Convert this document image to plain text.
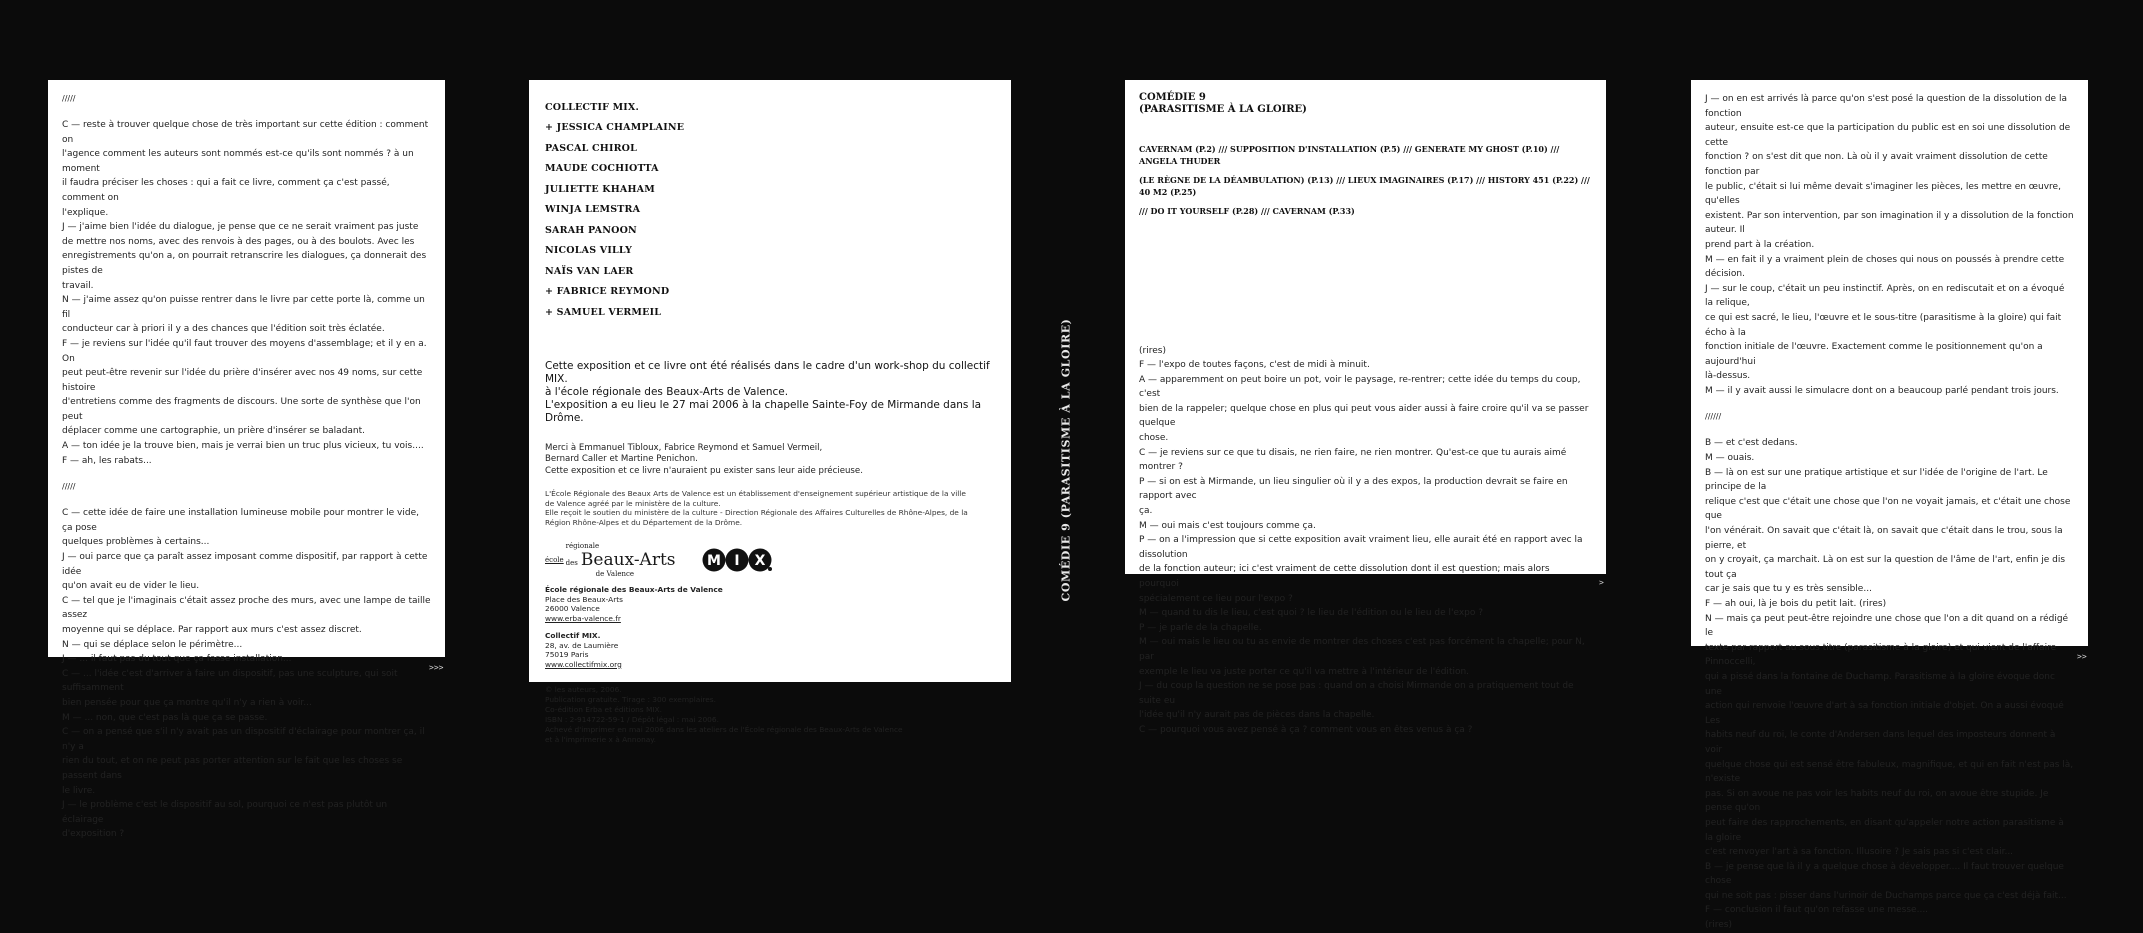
/////

C — reste à trouver quelque chose de très important sur cette édition : comment on

l'agence comment les auteurs sont nommés est-ce qu'ils sont nommés ? à un moment

il faudra préciser les choses : qui a fait ce livre, comment ça c'est passé, comment on

l'explique.

J — j'aime bien l'idée du dialogue, je pense que ce ne serait vraiment pas juste

de mettre nos noms, avec des renvois à des pages, ou à des boulots. Avec les

enregistrements qu'on a, on pourrait retranscrire les dialogues, ça donnerait des pistes de

travail.

N — j'aime assez qu'on puisse rentrer dans le livre par cette porte là, comme un fil

conducteur car à priori il y a des chances que l'édition soit très éclatée.

F — je reviens sur l'idée qu'il faut trouver des moyens d'assemblage; et il y en a. On

peut peut-être revenir sur l'idée du prière d'insérer avec nos 49 noms, sur cette histoire

d'entretiens comme des fragments de discours. Une sorte de synthèse que l'on peut

déplacer comme une cartographie, un prière d'insérer se baladant.

A — ton idée je la trouve bien, mais je verrai bien un truc plus vicieux, tu vois....

F — ah, les rabats...

/////

C — cette idée de faire une installation lumineuse mobile pour montrer le vide, ça pose

quelques problèmes à certains...

J — oui parce que ça paraît assez imposant comme dispositif, par rapport à cette idée

qu'on avait eu de vider le lieu.

C — tel que je l'imaginais c'était assez proche des murs, avec une lampe de taille assez

moyenne qui se déplace. Par rapport aux murs c'est assez discret.

N — qui se déplace selon le périmètre...

J — ... il faut pas du tout que ça fasse installation...

C — ... l'idée c'est d'arriver à faire un dispositif, pas une sculpture, qui soit suffisamment

bien pensée pour que ça montre qu'il n'y a rien à voir...

M — ... non, que c'est pas là que ça se passe.

C — on a pensé que s'il n'y avait pas un dispositif d'éclairage pour montrer ça, il n'y a

rien du tout, et on ne peut pas porter attention sur le fait que les choses se passent dans

le livre.

J — le problème c'est le dispositif au sol, pourquoi ce n'est pas plutôt un éclairage

d'exposition ?

>>>

COLLECTIF MIX.

+ JESSICA CHAMPLAINE

PASCAL CHIROL

MAUDE COCHIOTTA

JULIETTE KHAHAM

WINJA LEMSTRA

SARAH PANOON

NICOLAS VILLY

NAÏS VAN LAER

+ FABRICE REYMOND

+ SAMUEL VERMEIL

Cette exposition et ce livre ont été réalisés dans le cadre d'un work-shop du collectif MIX.

à l'école régionale des Beaux-Arts de Valence.

L'exposition a eu lieu le 27 mai 2006 à la chapelle Sainte-Foy de Mirmande dans la Drôme.

Merci à Emmanuel Tibloux, Fabrice Reymond et Samuel Vermeil,

Bernard Caller et Martine Penichon.

Cette exposition et ce livre n'auraient pu exister sans leur aide précieuse.

L'École Régionale des Beaux Arts de Valence est un établissement d'enseignement supérieur artistique de la ville

de Valence agréé par le ministère de la culture.

Elle reçoit le soutien du ministère de la culture - Direction Régionale des Affaires Culturelles de Rhône-Alpes, de la

Région Rhône-Alpes et du Département de la Drôme.

école
régionale
des Beaux-Arts
de Valence
M I X

École régionale des Beaux-Arts de Valence

Place des Beaux-Arts

26000 Valence

www.erba-valence.fr

Collectif MIX.

28, av. de Laumière

75019 Paris

www.collectifmix.org

© les auteurs, 2006.

Publication gratuite. Tirage : 300 exemplaires.

Co-édition Erba et éditions MIX.

ISBN : 2-914722-59-1 / Dépôt légal : mai 2006.

Achevé d'imprimer en mai 2006 dans les ateliers de l'École régionale des Beaux-Arts de Valence

et à l'imprimerie x à Annonay.

COMÉDIE 9 (PARASITISME À LA GLOIRE)

COMÉDIE 9

(PARASITISME À LA GLOIRE)

CAVERNAM (P.2) /// SUPPOSITION D'INSTALLATION (P.5) /// GENERATE MY GHOST (P.10) /// ANGELA THUDER

(LE RÈGNE DE LA DÉAMBULATION) (P.13) /// LIEUX IMAGINAIRES (P.17) /// HISTORY 451 (P.22) /// 40 M2 (P.25)

/// DO IT YOURSELF (P.28) /// CAVERNAM (P.33)

(rires)

F — l'expo de toutes façons, c'est de midi à minuit.

A — apparemment on peut boire un pot, voir le paysage, re-rentrer; cette idée du temps du coup, c'est

bien de la rappeler; quelque chose en plus qui peut vous aider aussi à faire croire qu'il va se passer quelque

chose.

C — je reviens sur ce que tu disais, ne rien faire, ne rien montrer. Qu'est-ce que tu aurais aimé montrer ?

P — si on est à Mirmande, un lieu singulier où il y a des expos, la production devrait se faire en rapport avec

ça.

M — oui mais c'est toujours comme ça.

P — on a l'impression que si cette exposition avait vraiment lieu, elle aurait été en rapport avec la dissolution

de la fonction auteur; ici c'est vraiment de cette dissolution dont il est question; mais alors pourquoi

spécialement ce lieu pour l'expo ?

M — quand tu dis le lieu, c'est quoi ? le lieu de l'édition ou le lieu de l'expo ?

P — je parle de la chapelle.

M — oui mais le lieu ou tu as envie de montrer des choses c'est pas forcément la chapelle; pour N, par

exemple le lieu va juste porter ce qu'il va mettre à l'intérieur de l'édition.

J — du coup la question ne se pose pas : quand on a choisi Mirmande on a pratiquement tout de suite eu

l'idée qu'il n'y aurait pas de pièces dans la chapelle.

C — pourquoi vous avez pensé à ça ? comment vous en êtes venus à ça ?

>

J — on en est arrivés là parce qu'on s'est posé la question de la dissolution de la fonction

auteur, ensuite est-ce que la participation du public est en soi une dissolution de cette

fonction ? on s'est dit que non. Là où il y avait vraiment dissolution de cette fonction par

le public, c'était si lui même devait s'imaginer les pièces, les mettre en œuvre, qu'elles

existent. Par son intervention, par son imagination il y a dissolution de la fonction auteur. Il

prend part à la création.

M — en fait il y a vraiment plein de choses qui nous on poussés à prendre cette décision.

J — sur le coup, c'était un peu instinctif. Après, on en rediscutait et on a évoqué la relique,

ce qui est sacré, le lieu, l'œuvre et le sous-titre (parasitisme à la gloire) qui fait écho à la

fonction initiale de l'œuvre. Exactement comme le positionnement qu'on a aujourd'hui

là-dessus.

M — il y avait aussi le simulacre dont on a beaucoup parlé pendant trois jours.

//////

B — et c'est dedans.

M — ouais.

B — là on est sur une pratique artistique et sur l'idée de l'origine de l'art. Le principe de la

relique c'est que c'était une chose que l'on ne voyait jamais, et c'était une chose que

l'on vénérait. On savait que c'était là, on savait que c'était dans le trou, sous la pierre, et

on y croyait, ça marchait. Là on est sur la question de l'âme de l'art, enfin je dis tout ça

car je sais que tu y es très sensible...

F — ah oui, là je bois du petit lait. (rires)

N — mais ça peut peut-être rejoindre une chose que l'on a dit quand on a rédigé le

texte par rapport au sous titre (parasitisme à la gloire) et qui vient de l'affaire Pinnoccelli,

qui a pissé dans la fontaine de Duchamp. Parasitisme à la gloire évoque donc une

action qui renvoie l'œuvre d'art à sa fonction initiale d'objet. On a aussi évoqué Les

habits neuf du roi, le conte d'Andersen dans lequel des imposteurs donnent à voir

quelque chose qui est sensé être fabuleux, magnifique, et qui en fait n'est pas là, n'existe

pas. Si on avoue ne pas voir les habits neuf du roi, on avoue être stupide. Je pense qu'on

peut faire des rapprochements, en disant qu'appeler notre action parasitisme à la gloire

c'est renvoyer l'art à sa fonction. Illusoire ? Je sais pas si c'est clair...

B — je pense que là il y a quelque chose à développer.... Il faut trouver quelque chose

qui ne soit pas : pisser dans l'urinoir de Duchamps parce que ça c'est déjà fait...

F — conclusion il faut qu'on refasse une messe....

(rires)

>>
